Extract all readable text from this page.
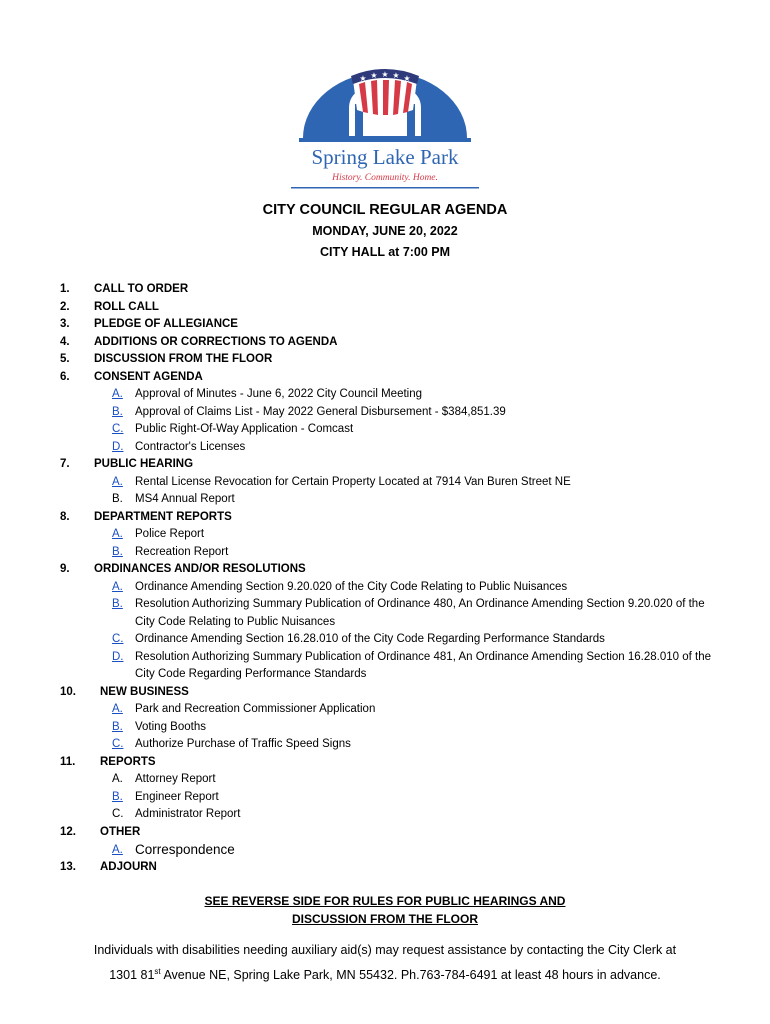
★ ★ ★ ★ ★
Spring Lake Park
History. Community. Home.
CITY COUNCIL REGULAR AGENDA
MONDAY, JUNE 20, 2022
CITY HALL at 7:00 PM
1. CALL TO ORDER
2. ROLL CALL
3. PLEDGE OF ALLEGIANCE
4. ADDITIONS OR CORRECTIONS TO AGENDA
5. DISCUSSION FROM THE FLOOR
6. CONSENT AGENDA
A. Approval of Minutes - June 6, 2022 City Council Meeting
B. Approval of Claims List - May 2022 General Disbursement - $384,851.39
C. Public Right-Of-Way Application - Comcast
D. Contractor's Licenses
7. PUBLIC HEARING
A. Rental License Revocation for Certain Property Located at 7914 Van Buren Street NE
B. MS4 Annual Report
8. DEPARTMENT REPORTS
A. Police Report
B. Recreation Report
9. ORDINANCES AND/OR RESOLUTIONS
A. Ordinance Amending Section 9.20.020 of the City Code Relating to Public Nuisances
B. Resolution Authorizing Summary Publication of Ordinance 480, An Ordinance Amending Section 9.20.020 of the City Code Relating to Public Nuisances
C. Ordinance Amending Section 16.28.010 of the City Code Regarding Performance Standards
D. Resolution Authorizing Summary Publication of Ordinance 481, An Ordinance Amending Section 16.28.010 of the City Code Regarding Performance Standards
10. NEW BUSINESS
A. Park and Recreation Commissioner Application
B. Voting Booths
C. Authorize Purchase of Traffic Speed Signs
11. REPORTS
A. Attorney Report
B. Engineer Report
C. Administrator Report
12. OTHER
A. Correspondence
13. ADJOURN
SEE REVERSE SIDE FOR RULES FOR PUBLIC HEARINGS AND
DISCUSSION FROM THE FLOOR
Individuals with disabilities needing auxiliary aid(s) may request assistance by contacting the City Clerk at
1301 81st Avenue NE, Spring Lake Park, MN 55432. Ph.763-784-6491 at least 48 hours in advance.
